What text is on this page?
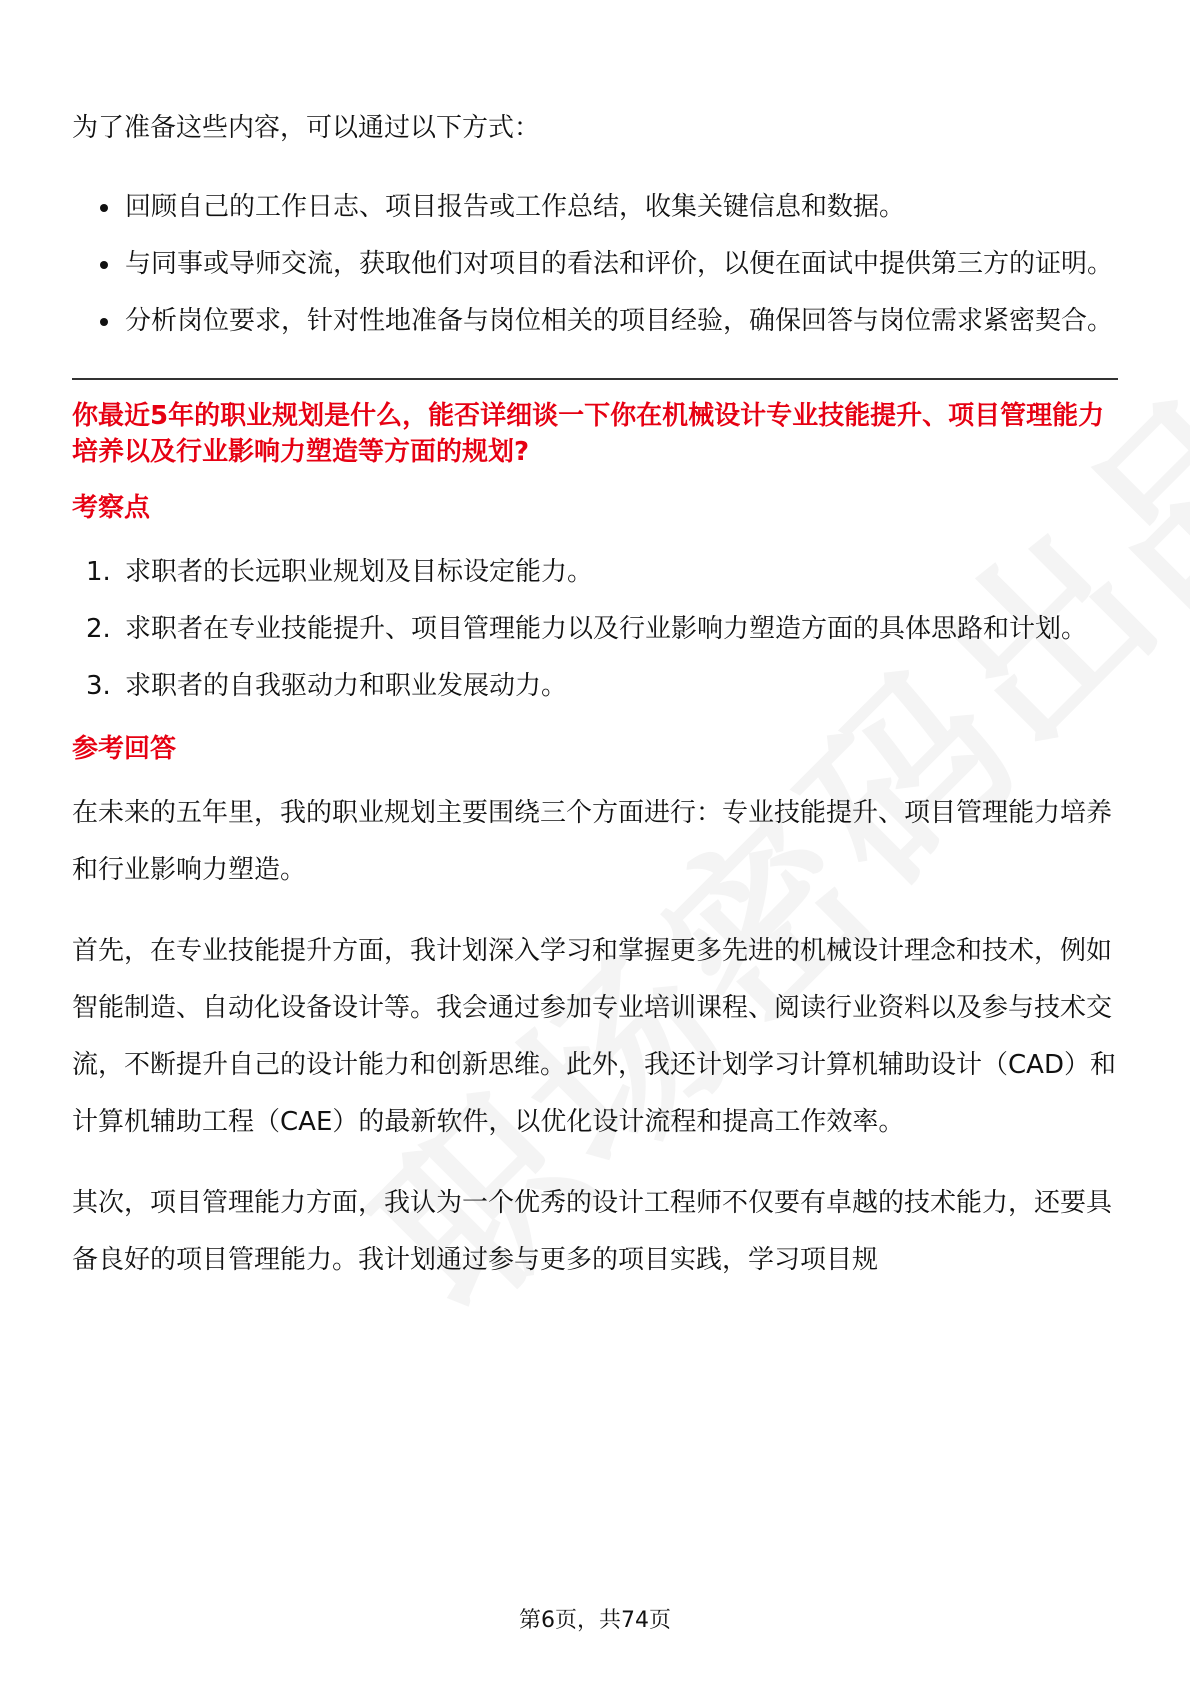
为了准备这些内容，可以通过以下方式：

回顾自己的工作日志、项目报告或工作总结，收集关键信息和数据。
与同事或导师交流，获取他们对项目的看法和评价，以便在面试中提供第三方的证明。
分析岗位要求，针对性地准备与岗位相关的项目经验，确保回答与岗位需求紧密契合。

你最近5年的职业规划是什么，能否详细谈一下你在机械设计专业技能提升、项目管理能力培养以及行业影响力塑造等方面的规划?

考察点

1. 求职者的长远职业规划及目标设定能力。
2. 求职者在专业技能提升、项目管理能力以及行业影响力塑造方面的具体思路和计划。
3. 求职者的自我驱动力和职业发展动力。

参考回答

在未来的五年里，我的职业规划主要围绕三个方面进行：专业技能提升、项目管理能力培养和行业影响力塑造。

首先，在专业技能提升方面，我计划深入学习和掌握更多先进的机械设计理念和技术，例如智能制造、自动化设备设计等。我会通过参加专业培训课程、阅读行业资料以及参与技术交流，不断提升自己的设计能力和创新思维。此外，我还计划学习计算机辅助设计（CAD）和计算机辅助工程（CAE）的最新软件，以优化设计流程和提高工作效率。

其次，项目管理能力方面，我认为一个优秀的设计工程师不仅要有卓越的技术能力，还要具备良好的项目管理能力。我计划通过参与更多的项目实践，学习项目规

第6页，共74页
